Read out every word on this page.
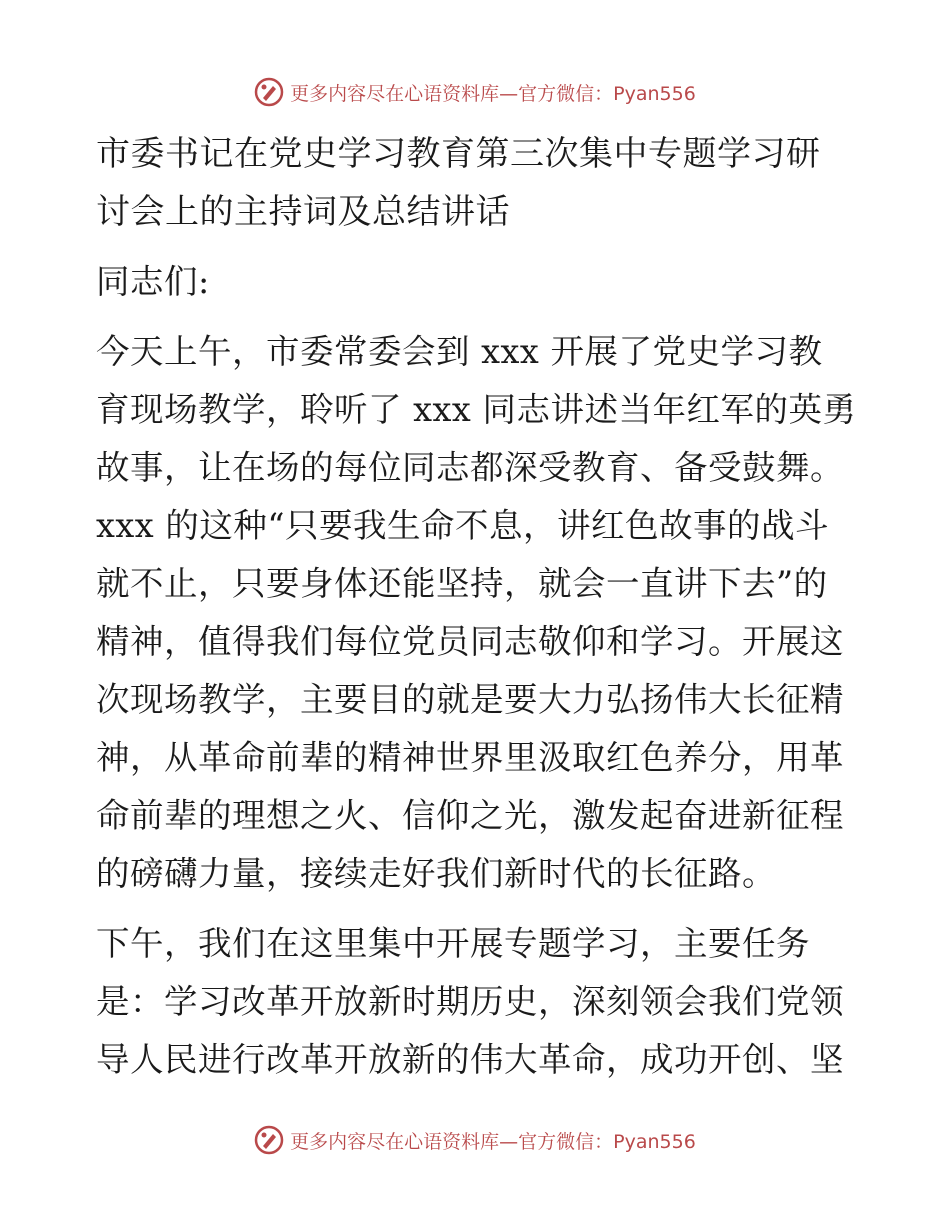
更多内容尽在心语资料库—官方微信：Pyan556
市委书记在党史学习教育第三次集中专题学习研
讨会上的主持词及总结讲话
同志们:
今天上午，市委常委会到 xxx 开展了党史学习教
育现场教学，聆听了 xxx 同志讲述当年红军的英勇
故事，让在场的每位同志都深受教育、备受鼓舞。
xxx 的这种“只要我生命不息，讲红色故事的战斗
就不止，只要身体还能坚持，就会一直讲下去”的
精神，值得我们每位党员同志敬仰和学习。开展这
次现场教学，主要目的就是要大力弘扬伟大长征精
神，从革命前辈的精神世界里汲取红色养分，用革
命前辈的理想之火、信仰之光，激发起奋进新征程
的磅礴力量，接续走好我们新时代的长征路。
下午，我们在这里集中开展专题学习，主要任务
是：学习改革开放新时期历史，深刻领会我们党领
导人民进行改革开放新的伟大革命，成功开创、坚
更多内容尽在心语资料库—官方微信：Pyan556
